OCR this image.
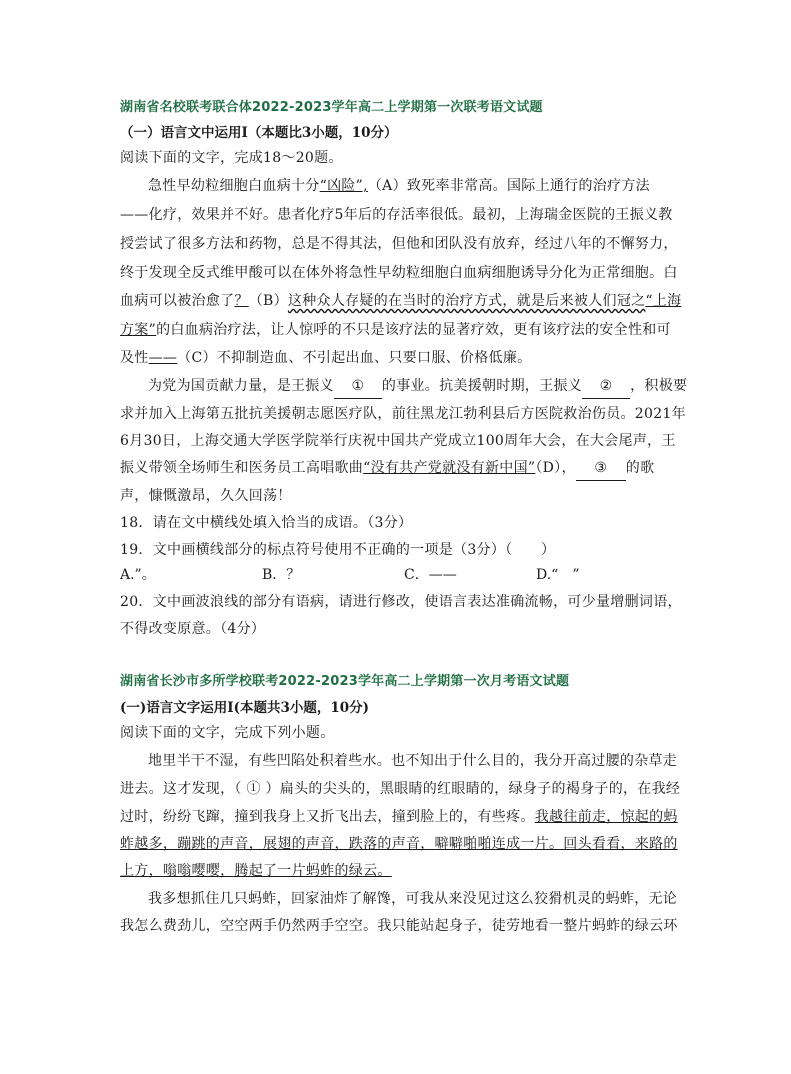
湖南省名校联考联合体2022-2023学年高二上学期第一次联考语文试题
（一）语言文中运用Ⅰ（本题比3小题，10分）
阅读下面的文字，完成18～20题。
急性早幼粒细胞白血病十分“凶险”,（A）致死率非常高。国际上通行的治疗方法
——化疗，效果并不好。患者化疗5年后的存活率很低。最初，上海瑞金医院的王振义教
授尝试了很多方法和药物，总是不得其法，但他和团队没有放弃，经过八年的不懈努力，
终于发现全反式维甲酸可以在体外将急性早幼粒细胞白血病细胞诱导分化为正常细胞。白
血病可以被治愈了？（B）这种众人存疑的在当时的治疗方式，就是后来被人们冠之“上海
方案”的白血病治疗法，让人惊呼的不只是该疗法的显著疗效，更有该疗法的安全性和可
及性——（C）不抑制造血、不引起出血、只要口服、价格低廉。
为党为国贡献力量，是王振义 ① 的事业。抗美援朝时期，王振义 ② ，积极要
求并加入上海第五批抗美援朝志愿医疗队，前往黑龙江勃利县后方医院救治伤员。2021年
6月30日，上海交通大学医学院举行庆祝中国共产党成立100周年大会，在大会尾声，王
振义带领全场师生和医务员工高唱歌曲“没有共产党就没有新中国”（D）， ③ 的歌
声，慷慨激昂，久久回荡！
18．请在文中横线处填入恰当的成语。（3分）
19．文中画横线部分的标点符号使用不正确的一项是（3分）（　　）
A.”。	B．？	C．——	D.“　”
20．文中画波浪线的部分有语病，请进行修改，使语言表达准确流畅，可少量增删词语，
不得改变原意。（4分）
湖南省长沙市多所学校联考2022-2023学年高二上学期第一次月考语文试题
(一)语言文字运用Ⅰ(本题共3小题，10分)
阅读下面的文字，完成下列小题。
地里半干不湿，有些凹陷处积着些水。也不知出于什么目的，我分开高过腰的杂草走
进去。这才发现，（ ① ）扁头的尖头的，黑眼睛的红眼睛的，绿身子的褐身子的，在我经
过时，纷纷飞蹿，撞到我身上又折飞出去，撞到脸上的，有些疼。我越往前走，惊起的蚂
蚱越多，蹦跳的声音，展翅的声音，跌落的声音，噼噼啪啪连成一片。回头看看，来路的
上方，嗡嗡嘤嘤，腾起了一片蚂蚱的绿云。
我多想抓住几只蚂蚱，回家油炸了解馋，可我从来没见过这么狡猾机灵的蚂蚱，无论
我怎么费劲儿，空空两手仍然两手空空。我只能站起身子，徒劳地看一整片蚂蚱的绿云环
